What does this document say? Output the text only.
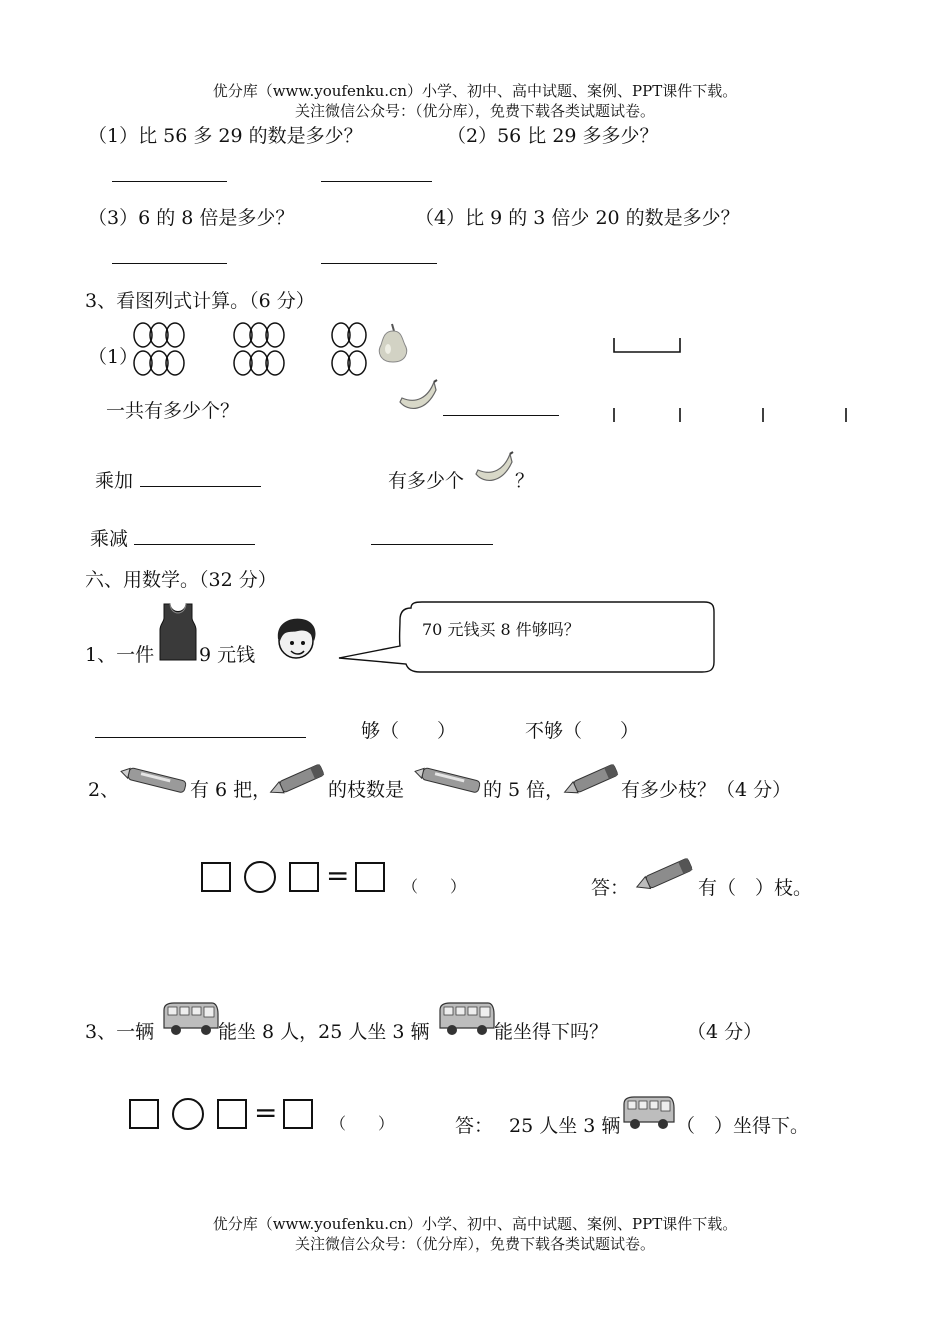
优分库（www.youfenku.cn）小学、初中、高中试题、案例、PPT课件下载。
关注微信公众号：（优分库），免费下载各类试题试卷。
（1）比 56 多 29 的数是多少？	（2）56 比 29 多多少？
（3）6 的 8 倍是多少？	（4）比 9 的 3 倍少 20 的数是多少？
3、看图列式计算。（6 分）
（1）
一共有多少个？
乘加	有多少个	？
乘减
六、用数学。（32 分）
1、一件 9 元钱
70 元钱买 8 件够吗？
够（　　）	不够（　　）
2、	有 6 把，	的枝数是	的 5 倍，	有多少枝？（4 分）
=	（　　）	答：	有（　）枝。
3、一辆	能坐 8 人，25 人坐 3 辆	能坐得下吗？	（4 分）
=	（　　）	答： 25 人坐 3 辆	（　）坐得下。
优分库（www.youfenku.cn）小学、初中、高中试题、案例、PPT课件下载。
关注微信公众号：（优分库），免费下载各类试题试卷。
